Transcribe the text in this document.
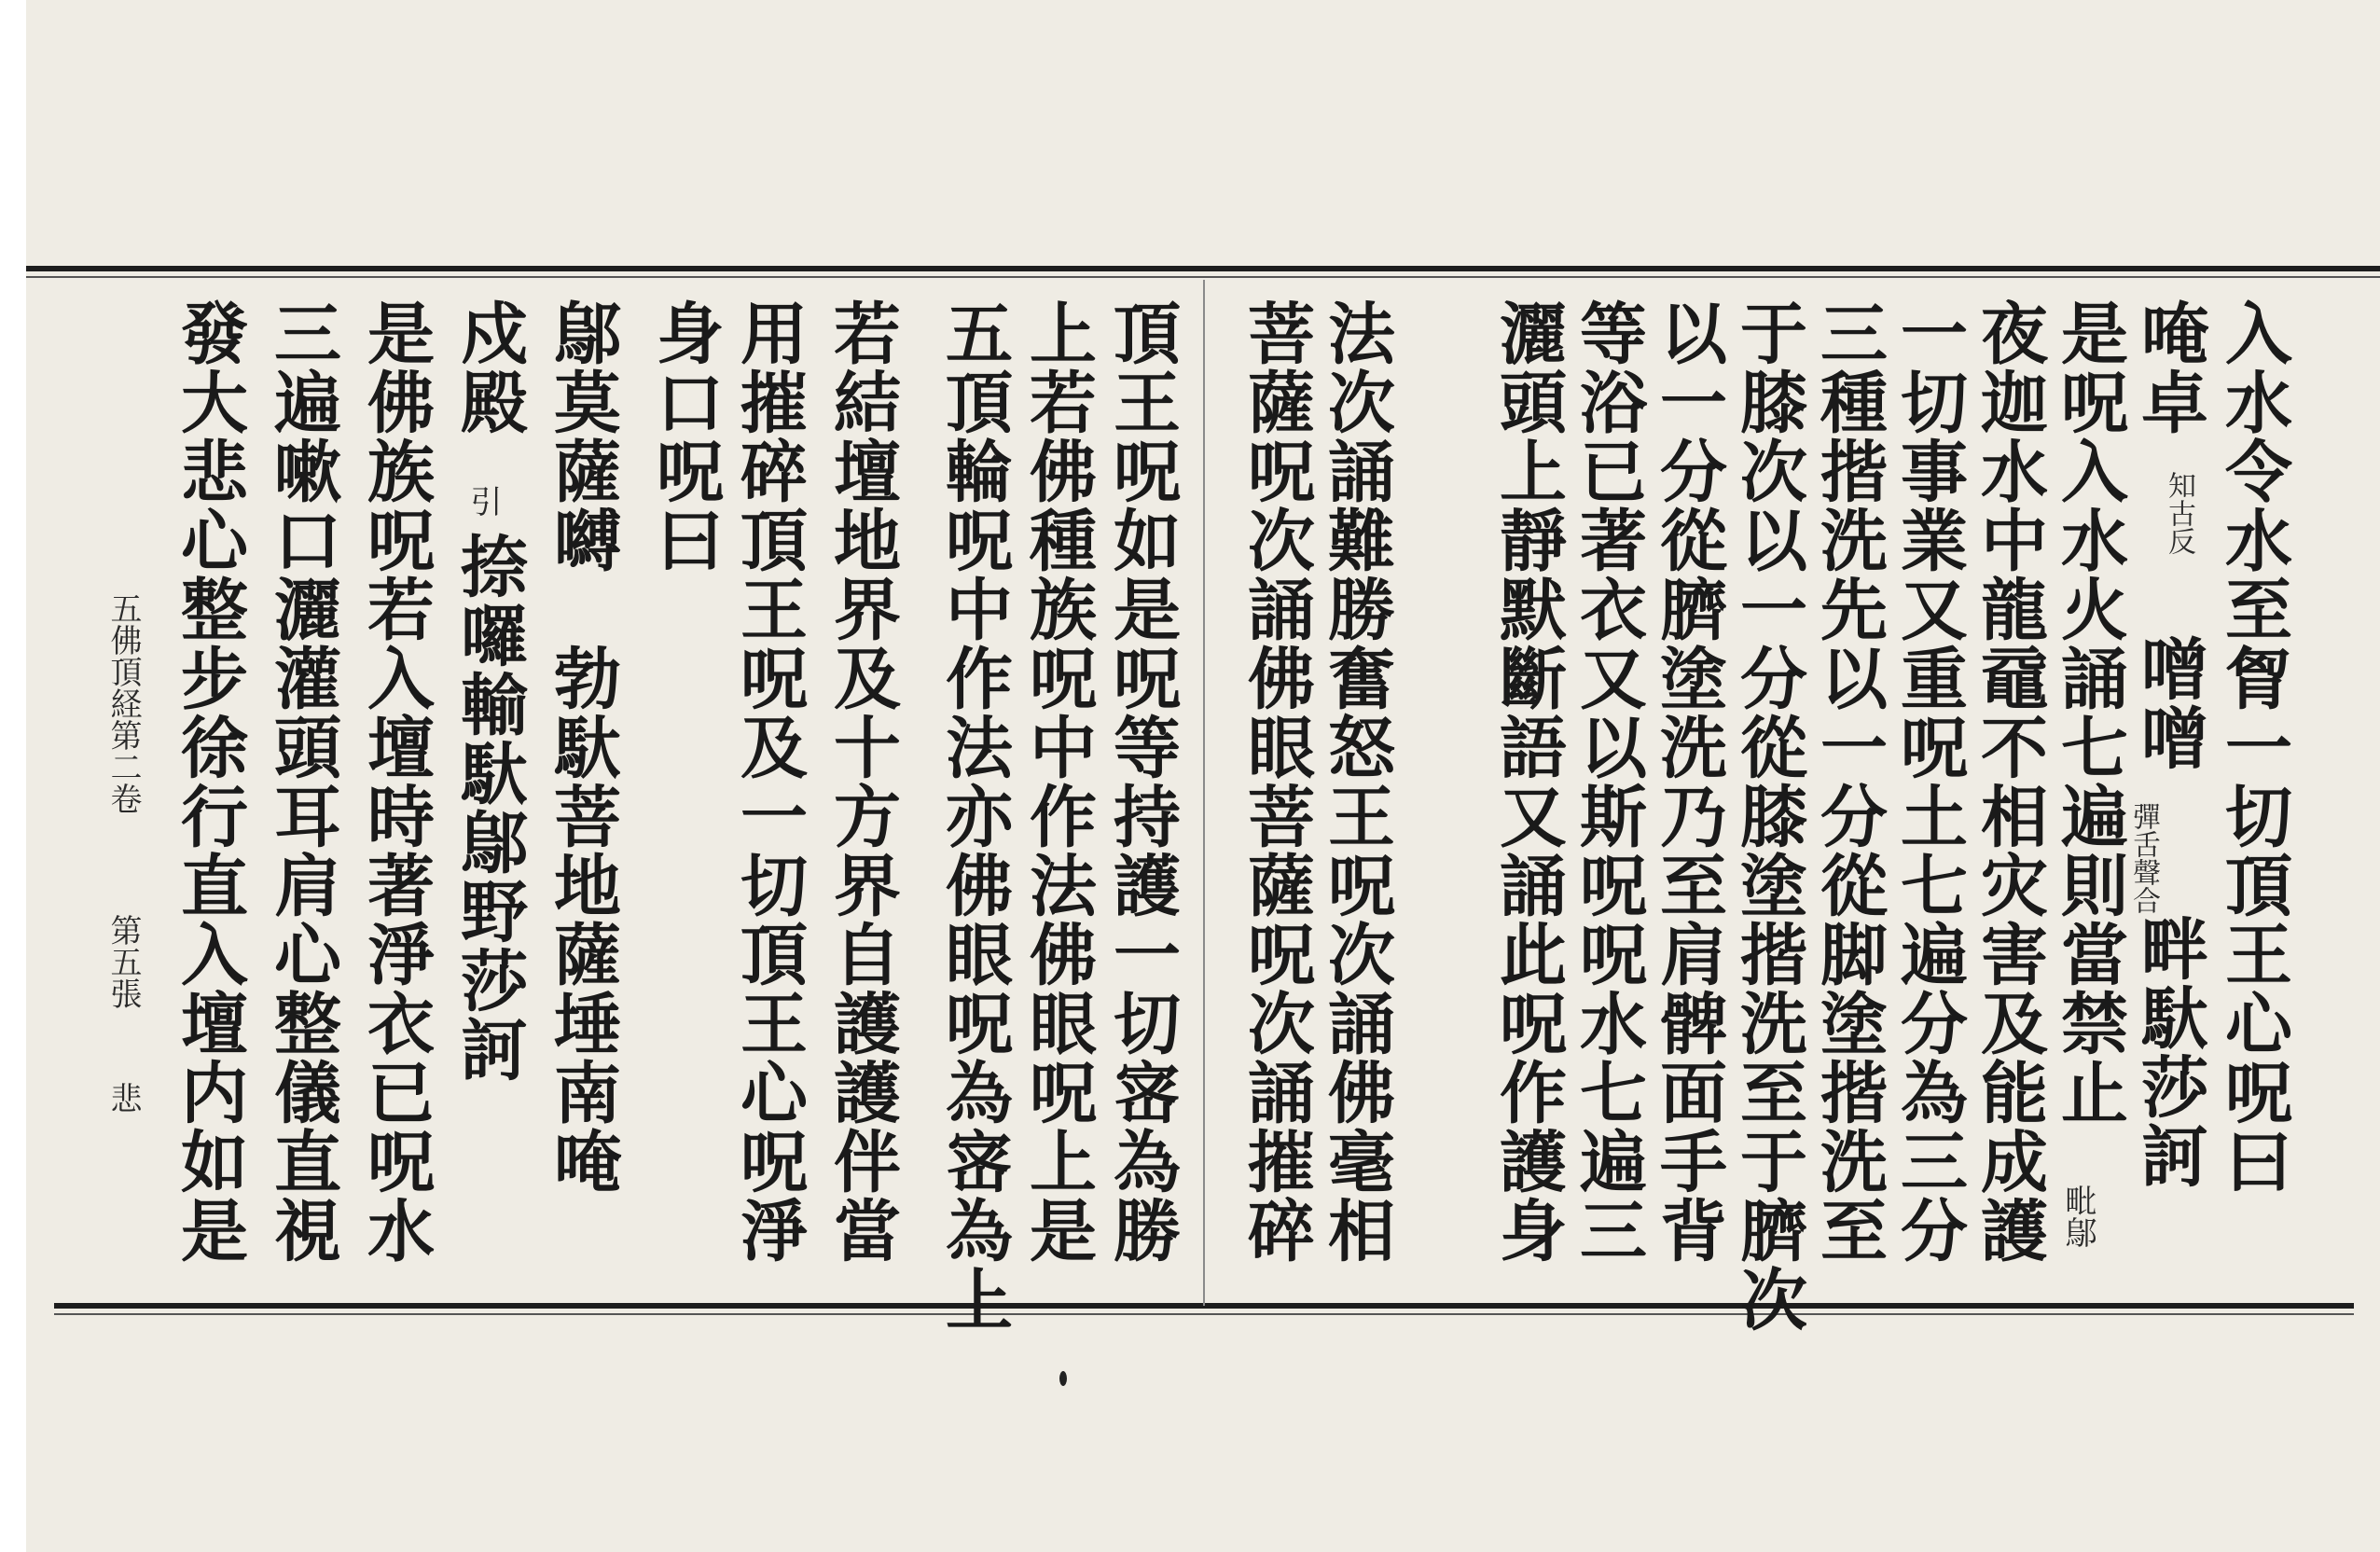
入水令水至胷一切頂王心呪曰
唵卓
知古反
噌噌
彈舌聲合
畔馱莎訶
是呪入水火誦七遍則當禁止
毗鄔
夜迦水中龍黿不相灾害及能成護
一切事業又重呪土七遍分為三分
三種揩洗先以一分從脚塗揩洗至
于膝次以一分從膝塗揩洗至于臍次
以一分從臍塗洗乃至肩髀面手背
等浴已著衣又以斯呪呪水七遍三
灑頭上靜默斷語又誦此呪作護身
法次誦難勝奮怒王呪次誦佛毫相
菩薩呪次誦佛眼菩薩呪次誦摧碎
頂王呪如是呪等持護一切宻為勝
上若佛種族呪中作法佛眼呪上是
五頂輪呪中作法亦佛眼呪為宻為上
若結壇地界及十方界自護護伴當
用摧碎頂王呪及一切頂王心呪淨
身口呪曰
鄔莫薩嚩　勃馱菩地薩埵南唵
戍殿
引
捺囉輸馱鄔野莎訶
是佛族呪若入壇時著淨衣已呪水
三遍嗽口灑灌頭耳肩心整儀直視
發大悲心整步徐行直入壇内如是
五佛頂経第二卷
第五張
悲
